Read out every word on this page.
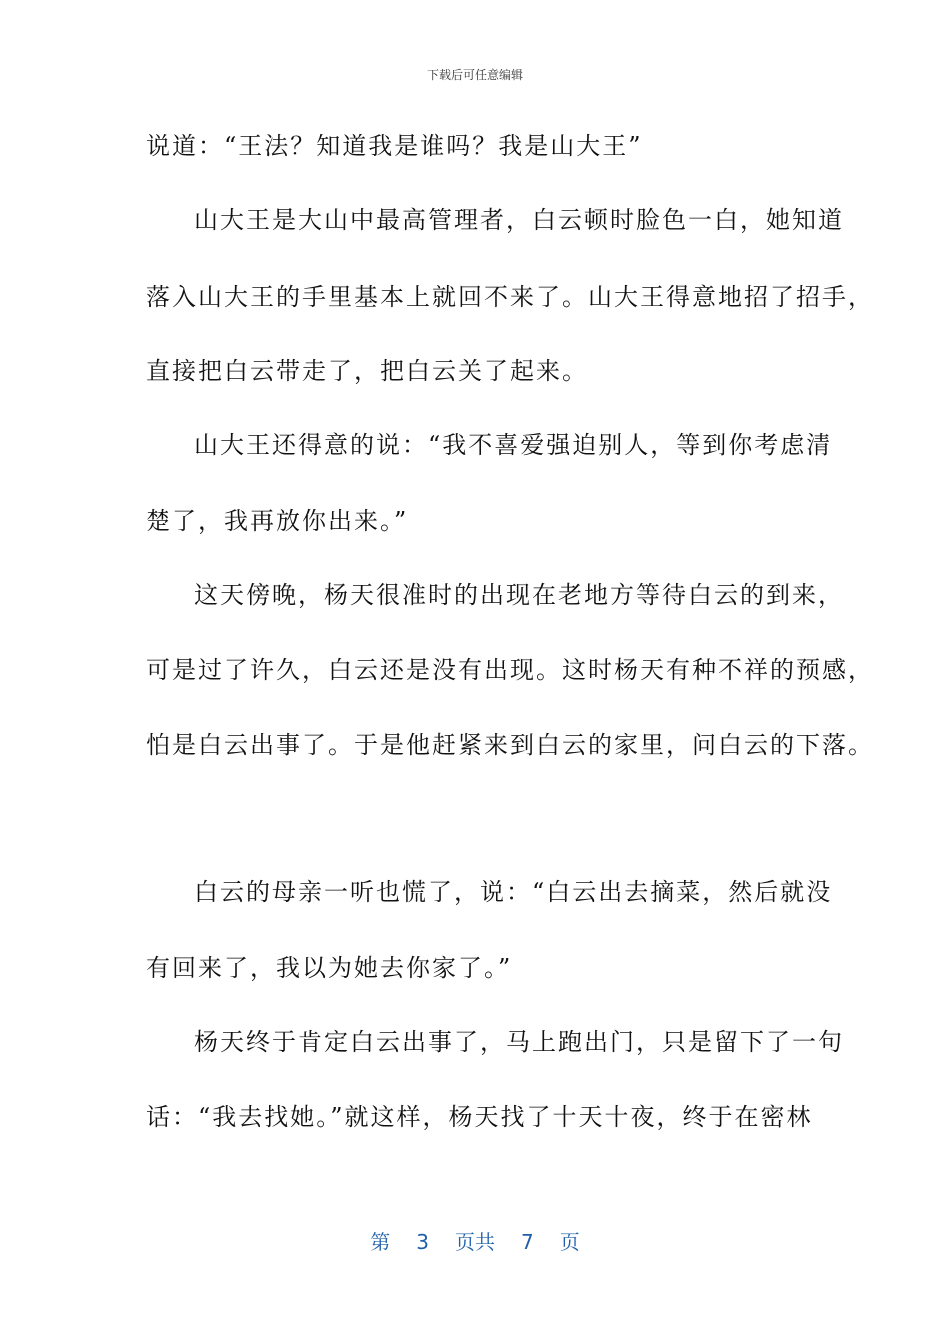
下载后可任意编辑
说道：“王法？知道我是谁吗？我是山大王”
山大王是大山中最高管理者，白云顿时脸色一白，她知道
落入山大王的手里基本上就回不来了。山大王得意地招了招手，
直接把白云带走了，把白云关了起来。
山大王还得意的说：“我不喜爱强迫别人，等到你考虑清
楚了，我再放你出来。”
这天傍晚，杨天很准时的出现在老地方等待白云的到来，
可是过了许久，白云还是没有出现。这时杨天有种不祥的预感，
怕是白云出事了。于是他赶紧来到白云的家里，问白云的下落。
白云的母亲一听也慌了，说：“白云出去摘菜，然后就没
有回来了，我以为她去你家了。”
杨天终于肯定白云出事了，马上跑出门，只是留下了一句
话：“我去找她。”就这样，杨天找了十天十夜，终于在密林
第 3 页共 7 页
